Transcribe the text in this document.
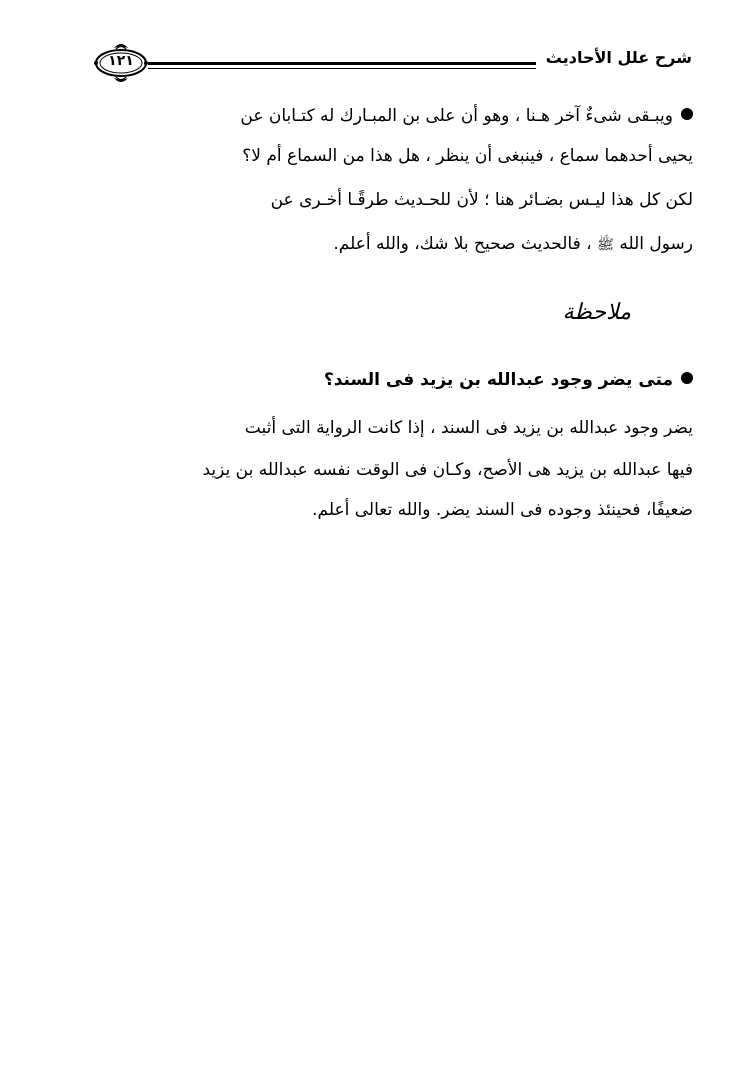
شرح علل الأحاديث
١٢١
ويبـقى شىءٌ آخر هـنا ، وهو أن على بن المبـارك له كتـابان عن
يحيى أحدهما سماع ، فينبغى أن ينظر ، هل هذا من السماع أم لا؟
لكن كل هذا ليـس بضـائر هنا ؛ لأن للحـديث طرقًـا أخـرى عن
رسول الله ﷺ ، فالحديث صحيح بلا شك، والله أعلم.
ملاحظة
متى يضر وجود عبدالله بن يزيد فى السند؟
يضر وجود عبدالله بن يزيد فى السند ، إذا كانت الرواية التى أثبت
فيها عبدالله بن يزيد هى الأصح، وكـان فى الوقت نفسه عبدالله بن يزيد
ضعيفًا، فحينئذ وجوده فى السند يضر. والله تعالى أعلم.
